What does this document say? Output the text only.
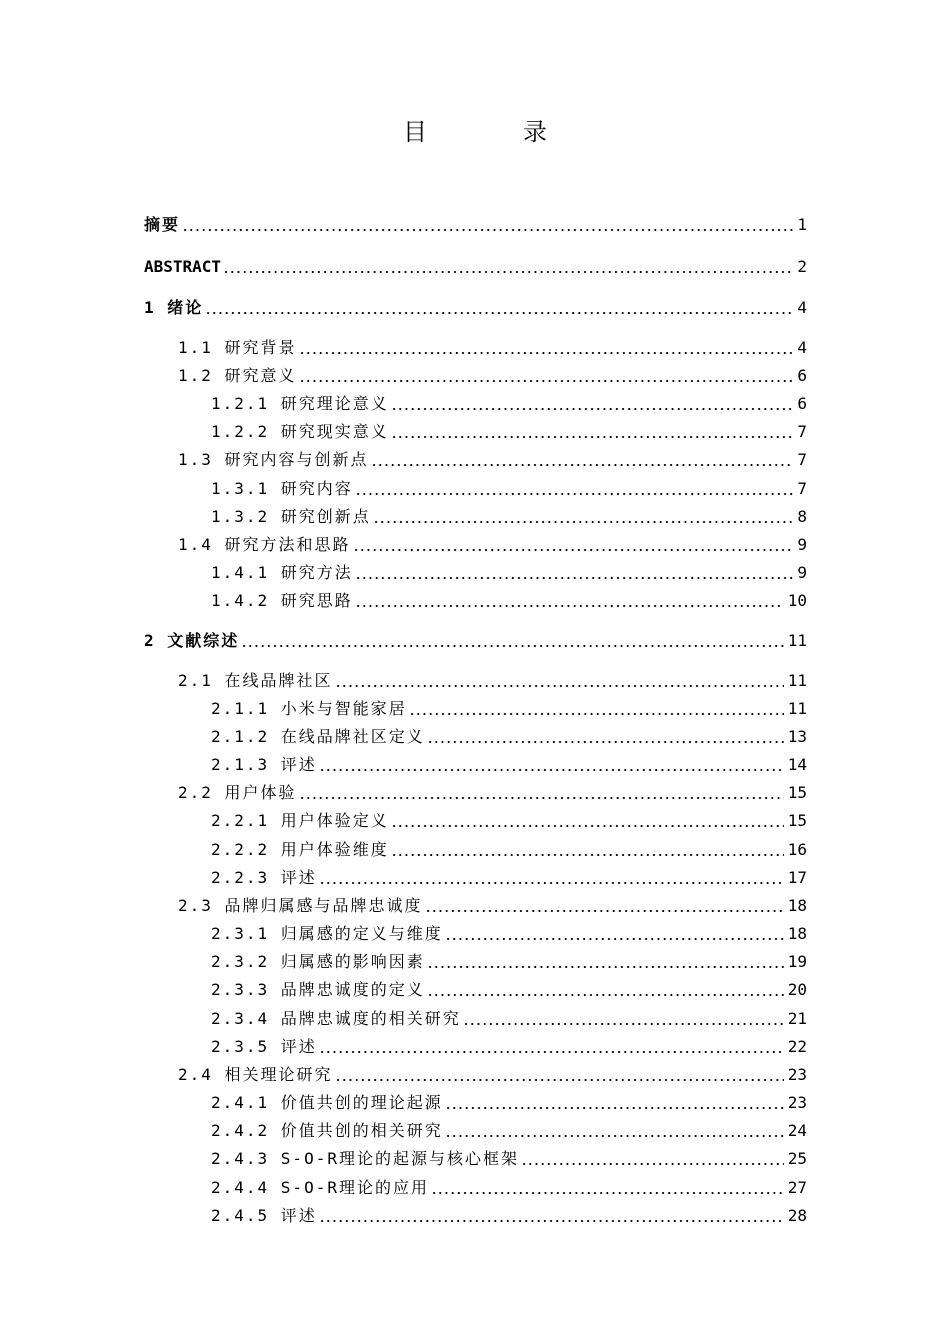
目　录
摘要	1
ABSTRACT	2
1 绪论	4
1.1 研究背景	4
1.2 研究意义	6
1.2.1 研究理论意义	6
1.2.2 研究现实意义	7
1.3 研究内容与创新点	7
1.3.1 研究内容	7
1.3.2 研究创新点	8
1.4 研究方法和思路	9
1.4.1 研究方法	9
1.4.2 研究思路	10
2 文献综述	11
2.1 在线品牌社区	11
2.1.1 小米与智能家居	11
2.1.2 在线品牌社区定义	13
2.1.3 评述	14
2.2 用户体验	15
2.2.1 用户体验定义	15
2.2.2 用户体验维度	16
2.2.3 评述	17
2.3 品牌归属感与品牌忠诚度	18
2.3.1 归属感的定义与维度	18
2.3.2 归属感的影响因素	19
2.3.3 品牌忠诚度的定义	20
2.3.4 品牌忠诚度的相关研究	21
2.3.5 评述	22
2.4 相关理论研究	23
2.4.1 价值共创的理论起源	23
2.4.2 价值共创的相关研究	24
2.4.3 S-O-R理论的起源与核心框架	25
2.4.4 S-O-R理论的应用	27
2.4.5 评述	28
